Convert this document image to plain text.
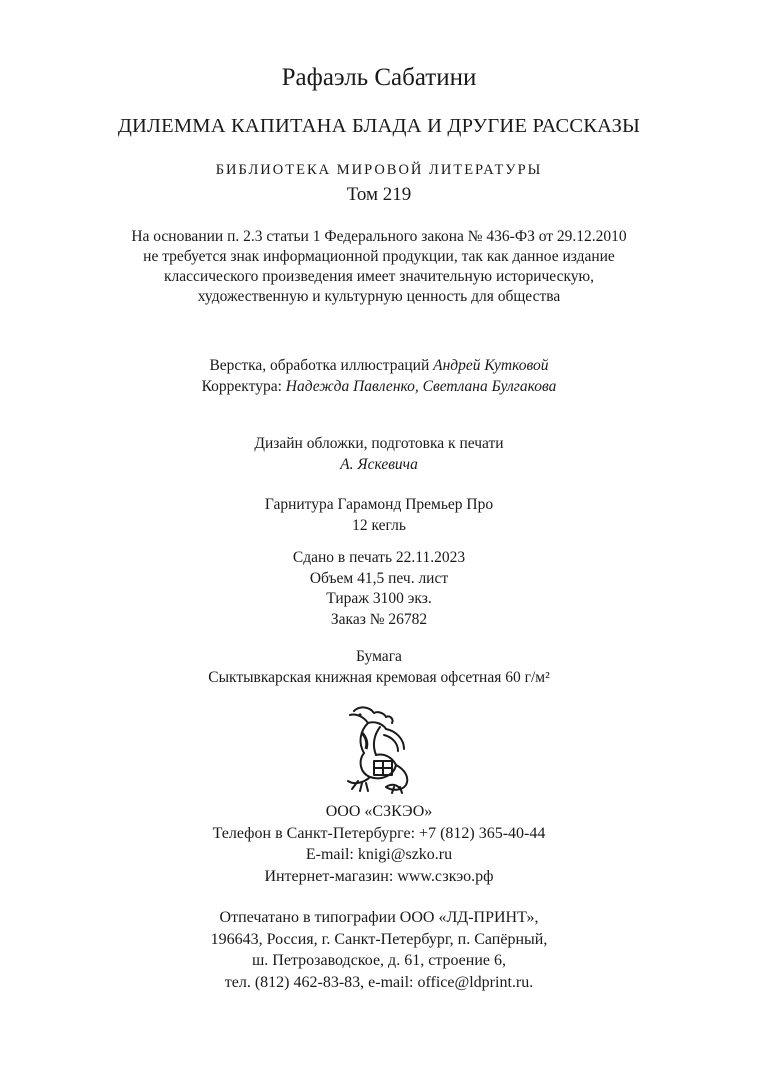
Рафаэль Сабатини
ДИЛЕММА КАПИТАНА БЛАДА И ДРУГИЕ РАССКАЗЫ
БИБЛИОТЕКА МИРОВОЙ ЛИТЕРАТУРЫ
Том 219
На основании п. 2.3 статьи 1 Федерального закона № 436-ФЗ от 29.12.2010
не требуется знак информационной продукции, так как данное издание
классического произведения имеет значительную историческую,
художественную и культурную ценность для общества
Верстка, обработка иллюстраций Андрей Кутковой
Корректура: Надежда Павленко, Светлана Булгакова
Дизайн обложки, подготовка к печати
А. Яскевича
Гарнитура Гарамонд Премьер Про
12 кегль
Сдано в печать 22.11.2023
Объем 41,5 печ. лист
Тираж 3100 экз.
Заказ № 26782
Бумага
Сыктывкарская книжная кремовая офсетная 60 г/м²
ООО «СЗКЭО»
Телефон в Санкт-Петербурге: +7 (812) 365-40-44
E-mail: knigi@szko.ru
Интернет-магазин: www.сзкэо.рф
Отпечатано в типографии ООО «ЛД-ПРИНТ»,
196643, Россия, г. Санкт-Петербург, п. Сапёрный,
ш. Петрозаводское, д. 61, строение 6,
тел. (812) 462-83-83, e-mail: office@ldprint.ru.
